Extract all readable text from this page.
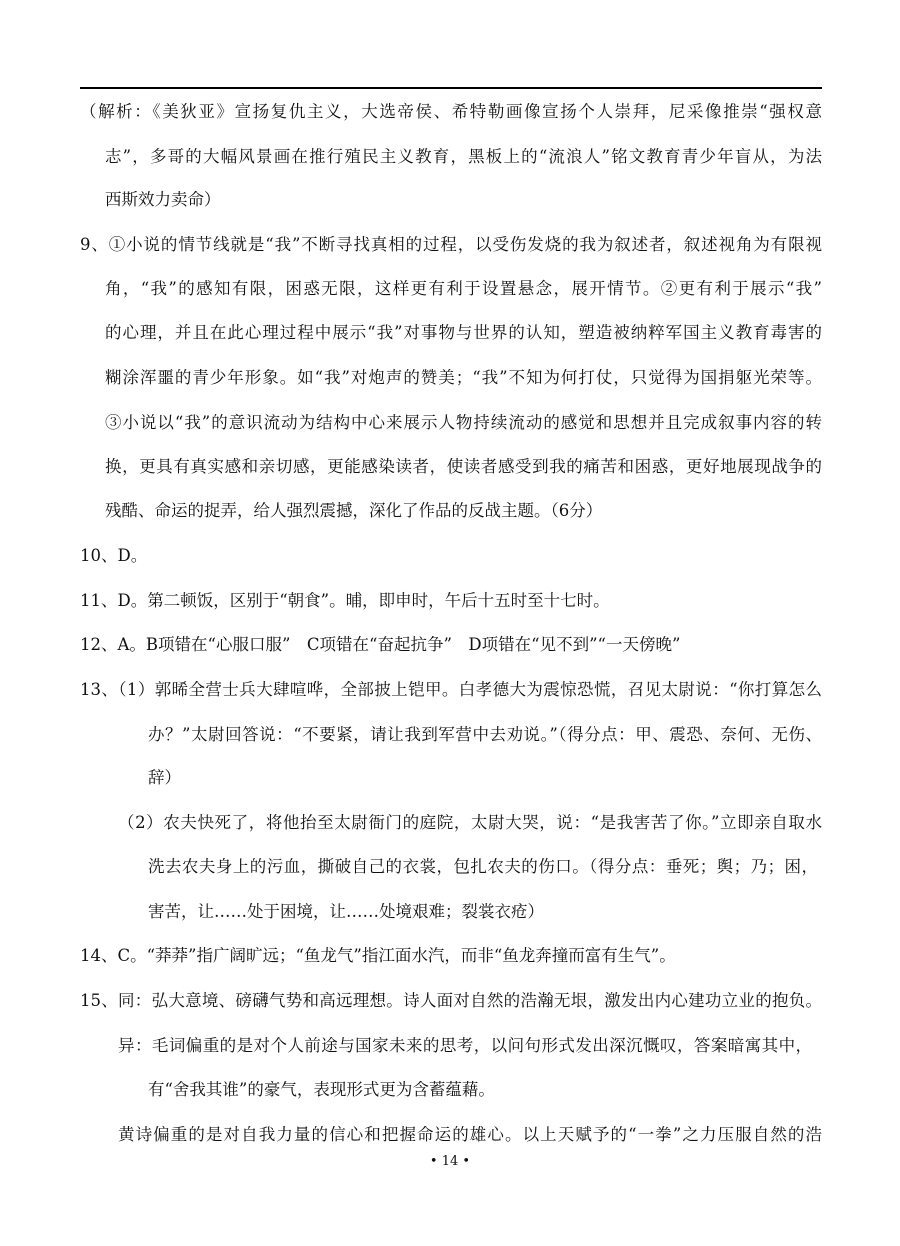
（解析：《美狄亚》宣扬复仇主义，大选帝侯、希特勒画像宣扬个人崇拜，尼采像推崇“强权意
志”，多哥的大幅风景画在推行殖民主义教育，黑板上的“流浪人”铭文教育青少年盲从，为法
西斯效力卖命）
9、①小说的情节线就是“我”不断寻找真相的过程，以受伤发烧的我为叙述者，叙述视角为有限视
角，“我”的感知有限，困惑无限，这样更有利于设置悬念，展开情节。②更有利于展示“我”
的心理，并且在此心理过程中展示“我”对事物与世界的认知，塑造被纳粹军国主义教育毒害的
糊涂浑噩的青少年形象。如“我”对炮声的赞美；“我”不知为何打仗，只觉得为国捐躯光荣等。
③小说以“我”的意识流动为结构中心来展示人物持续流动的感觉和思想并且完成叙事内容的转
换，更具有真实感和亲切感，更能感染读者，使读者感受到我的痛苦和困惑，更好地展现战争的
残酷、命运的捉弄，给人强烈震撼，深化了作品的反战主题。（6分）
10、D。
11、D。第二顿饭，区别于“朝食”。晡，即申时，午后十五时至十七时。
12、A。B项错在“心服口服”　C项错在“奋起抗争”　D项错在“见不到”“一天傍晚”
13、（1）郭晞全营士兵大肆喧哗，全部披上铠甲。白孝德大为震惊恐慌，召见太尉说：“你打算怎么
办？”太尉回答说：“不要紧，请让我到军营中去劝说。”（得分点：甲、震恐、奈何、无伤、
辞）
（2）农夫快死了，将他抬至太尉衙门的庭院，太尉大哭，说：“是我害苦了你。”立即亲自取水
洗去农夫身上的污血，撕破自己的衣裳，包扎农夫的伤口。（得分点：垂死；舆；乃；困，
害苦，让……处于困境，让……处境艰难；裂裳衣疮）
14、C。“莽莽”指广阔旷远；“鱼龙气”指江面水汽，而非“鱼龙奔撞而富有生气”。
15、同：弘大意境、磅礴气势和高远理想。诗人面对自然的浩瀚无垠，激发出内心建功立业的抱负。
异：毛词偏重的是对个人前途与国家未来的思考，以问句形式发出深沉慨叹，答案暗寓其中，
有“舍我其谁”的豪气，表现形式更为含蓄蕴藉。
黄诗偏重的是对自我力量的信心和把握命运的雄心。以上天赋予的“一拳”之力压服自然的浩
• 14 •
